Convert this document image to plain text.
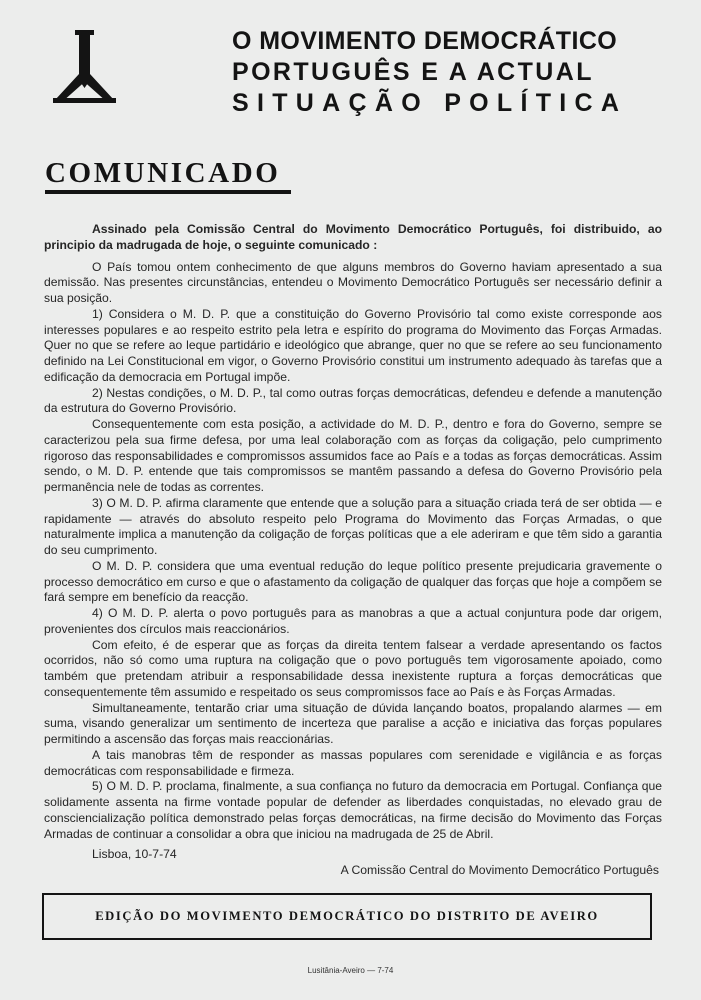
O MOVIMENTO DEMOCRÁTICO
PORTUGUÊS E A ACTUAL
SITUAÇÃO POLÍTICA
COMUNICADO

Assinado pela Comissão Central do Movimento Democrático Português, foi distribuido, ao principio da madrugada de hoje, o seguinte comunicado :

O País tomou ontem conhecimento de que alguns membros do Governo haviam apresentado a sua demissão. Nas presentes circunstâncias, entendeu o Movimento Democrático Português ser necessário definir a sua posição.

1) Considera o M. D. P. que a constituição do Governo Provisório tal como existe corresponde aos interesses populares e ao respeito estrito pela letra e espírito do programa do Movimento das Forças Armadas. Quer no que se refere ao leque partidário e ideológico que abrange, quer no que se refere ao seu funcionamento definido na Lei Constitucional em vigor, o Governo Provisório constitui um instrumento adequado às tarefas que a edificação da democracia em Portugal impõe.

2) Nestas condições, o M. D. P., tal como outras forças democráticas, defendeu e defende a manutenção da estrutura do Governo Provisório.

Consequentemente com esta posição, a actividade do M. D. P., dentro e fora do Governo, sempre se caracterizou pela sua firme defesa, por uma leal colaboração com as forças da coligação, pelo cumprimento rigoroso das responsabilidades e compromissos assumidos face ao País e a todas as forças democráticas. Assim sendo, o M. D. P. entende que tais compromissos se mantêm passando a defesa do Governo Provisório pela permanência nele de todas as correntes.

3) O M. D. P. afirma claramente que entende que a solução para a situação criada terá de ser obtida — e rapidamente — através do absoluto respeito pelo Programa do Movimento das Forças Armadas, o que naturalmente implica a manutenção da coligação de forças políticas que a ele aderiram e que têm sido a garantia do seu cumprimento.

O M. D. P. considera que uma eventual redução do leque político presente prejudicaria gravemente o processo democrático em curso e que o afastamento da coligação de qualquer das forças que hoje a compõem se fará sempre em benefício da reacção.

4) O M. D. P. alerta o povo português para as manobras a que a actual conjuntura pode dar origem, provenientes dos círculos mais reaccionários.

Com efeito, é de esperar que as forças da direita tentem falsear a verdade apresentando os factos ocorridos, não só como uma ruptura na coligação que o povo português tem vigorosamente apoiado, como também que pretendam atribuir a responsabilidade dessa inexistente ruptura a forças democráticas que consequentemente têm assumido e respeitado os seus compromissos face ao País e às Forças Armadas.

Simultaneamente, tentarão criar uma situação de dúvida lançando boatos, propalando alarmes — em suma, visando generalizar um sentimento de incerteza que paralise a acção e iniciativa das forças populares permitindo a ascensão das forças mais reaccionárias.

A tais manobras têm de responder as massas populares com serenidade e vigilância e as forças democráticas com responsabilidade e firmeza.

5) O M. D. P. proclama, finalmente, a sua confiança no futuro da democracia em Portugal. Confiança que solidamente assenta na firme vontade popular de defender as liberdades conquistadas, no elevado grau de consciencialização política demonstrado pelas forças democráticas, na firme decisão do Movimento das Forças Armadas de continuar a consolidar a obra que iniciou na madrugada de 25 de Abril.

Lisboa, 10-7-74
A Comissão Central do Movimento Democrático Português
EDIÇÃO DO MOVIMENTO DEMOCRÁTICO DO DISTRITO DE AVEIRO
Lusitânia-Aveiro — 7-74
